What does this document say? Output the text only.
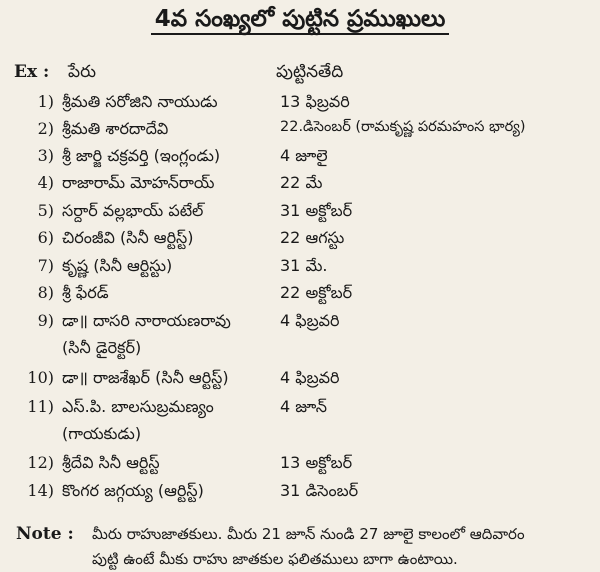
4వ సంఖ్యలో పుట్టిన ప్రముఖులు
Ex : పేరు	పుట్టినతేది
1) శ్రీమతి సరోజిని నాయుడు	13 ఫిబ్రవరి
2) శ్రీమతి శారదాదేవి	22.డిసెంబర్ (రామకృష్ణ పరమహంస భార్య)
3) శ్రీ జార్జి చక్రవర్తి (ఇంగ్లండు)	4 జూలై
4) రాజారామ్ మోహన్‌రాయ్	22 మే
5) సర్దార్ వల్లభాయ్ పటేల్	31 అక్టోబర్
6) చిరంజీవి (సినీ ఆర్టిస్ట్)	22 ఆగస్టు
7) కృష్ణ (సినీ ఆర్టిస్టు)	31 మే.
8) శ్రీ ఫేరడ్	22 అక్టోబర్
9) డా॥ దాసరి నారాయణరావు	4 ఫిబ్రవరి
(సినీ డైరెక్టర్)
10) డా॥ రాజశేఖర్ (సినీ ఆర్టిస్ట్)	4 ఫిబ్రవరి
11) ఎస్.పి. బాలసుబ్రమణ్యం	4 జూన్
(గాయకుడు)
12) శ్రీదేవి సినీ ఆర్టిస్ట్	13 అక్టోబర్
14) కొంగర జగ్గయ్య (ఆర్టిస్ట్)	31 డిసెంబర్
Note : మీరు రాహుజాతకులు. మీరు 21 జూన్ నుండి 27 జూలై కాలంలో ఆదివారం
పుట్టి ఉంటే మీకు రాహు జాతకుల ఫలితములు బాగా ఉంటాయి.
